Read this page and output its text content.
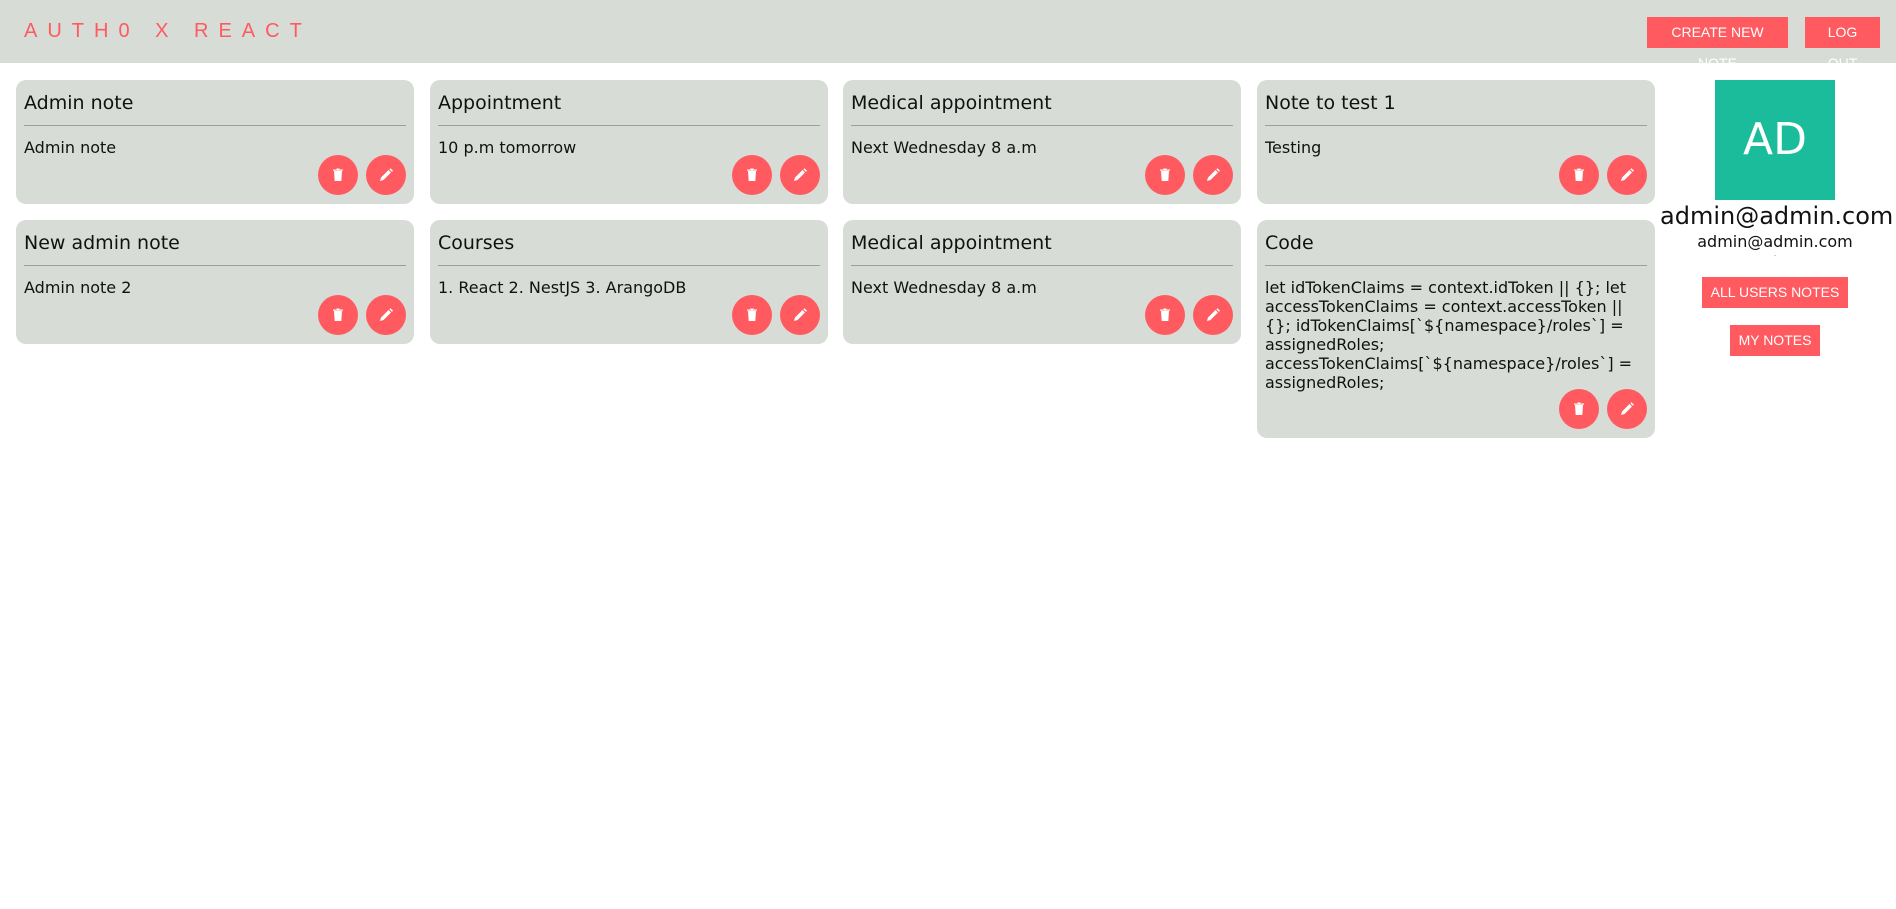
AUTH0 X REACT	CREATE NEW NOTE
LOG OUT
Admin note
Admin note
Appointment
10 p.m tomorrow
Medical appointment
Next Wednesday 8 a.m
Note to test 1
Testing
New admin note
Admin note 2
Courses
1. React 2. NestJS 3. ArangoDB
Medical appointment
Next Wednesday 8 a.m
Code
let idTokenClaims = context.idToken || {}; let accessTokenClaims = context.accessToken || {}; idTokenClaims[`${namespace}/roles`] = assignedRoles; accessTokenClaims[`${namespace}/roles`] = assignedRoles;
AD
admin@admin.com
admin@admin.com
.
ALL USERS NOTES
MY NOTES
